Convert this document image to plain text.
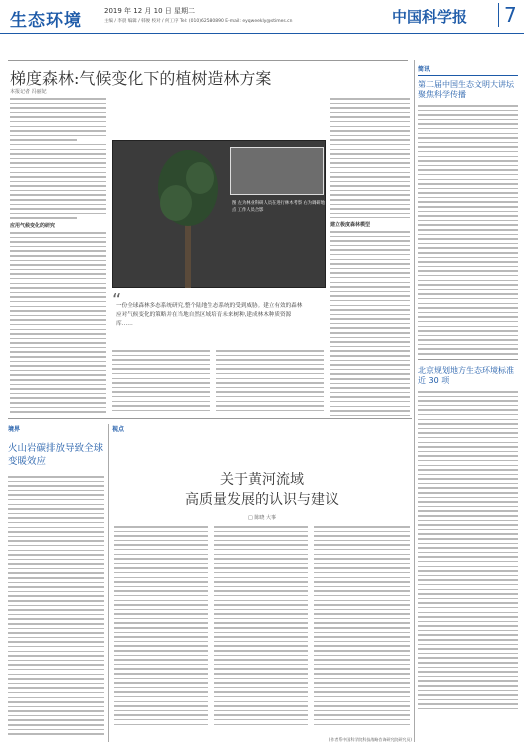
生态环境	2019 年 12 月 10 日 星期二
主编 / 李晨 编辑 / 韩俊 校对 / 何工序 Tel: (010)62580890 E-mail: eyqweekly@stimes.cn	中国科学报	7
梯度森林:气候变化下的植树造林方案
本报记者 冯丽妃
应用气候变化的研究	建立极度森林模型
图 左为林业科研人员在进行林木考察 右为调研地点 工作人员合影
“
一份全球森林多态系统研究,整个陆地生态系统的受到威胁。建立有效的森林应对气候变化的策略并在当地自然区域培育未来树种,建成林木种质资源库……
简讯
第二届中国生态文明大讲坛聚焦科学传播
北京规划地方生态环境标准近 30 项
境界
火山岩碳排放导致全球变暖效应
视点
关于黄河流域
高质量发展的认识与建议
□ 陈晓 大事
(作者系中国科学院科技战略咨询研究院研究员)
